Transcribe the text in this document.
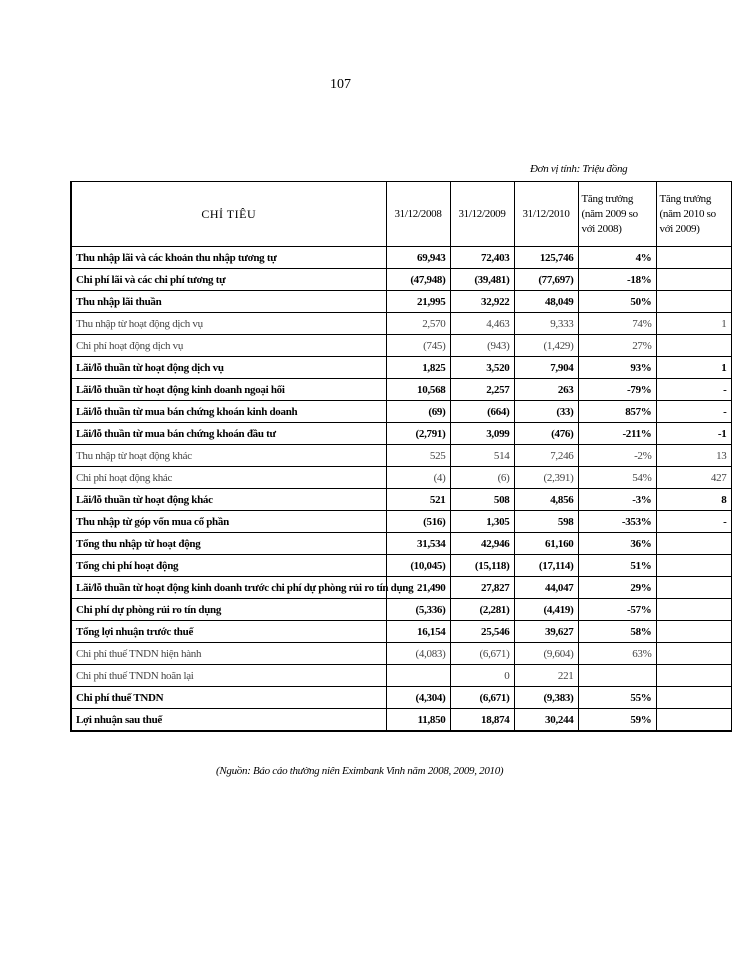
107
Đơn vị tính: Triệu đồng
CHỈ TIÊU	31/12/2008	31/12/2009	31/12/2010	Tăng trưởng (năm 2009 so với 2008)	Tăng trưởng (năm 2010 so với 2009)
Thu nhập lãi và các khoản thu nhập tương tự	69,943	72,403	125,746	4%	
Chi phí lãi và các chi phí tương tự	(47,948)	(39,481)	(77,697)	-18%	
Thu nhập lãi thuần	21,995	32,922	48,049	50%	
Thu nhập từ hoạt động dịch vụ	2,570	4,463	9,333	74%	1
Chi phí hoạt động dịch vụ	(745)	(943)	(1,429)	27%	
Lãi/lỗ thuần từ hoạt động dịch vụ	1,825	3,520	7,904	93%	1
Lãi/lỗ thuần từ hoạt động kinh doanh ngoại hối	10,568	2,257	263	-79%	-
Lãi/lỗ thuần từ mua bán chứng khoán kinh doanh	(69)	(664)	(33)	857%	-
Lãi/lỗ thuần từ mua bán chứng khoán đầu tư	(2,791)	3,099	(476)	-211%	-1
Thu nhập từ hoạt động khác	525	514	7,246	-2%	13
Chi phí hoạt động khác	(4)	(6)	(2,391)	54%	427
Lãi/lỗ thuần từ hoạt động khác	521	508	4,856	-3%	8
Thu nhập từ góp vốn mua cổ phần	(516)	1,305	598	-353%	-
Tổng thu nhập từ hoạt động	31,534	42,946	61,160	36%	
Tổng chi phí hoạt động	(10,045)	(15,118)	(17,114)	51%	
Lãi/lỗ thuần từ hoạt động kinh doanh trước chi phí dự phòng rủi ro tín dụng	21,490	27,827	44,047	29%	
Chi phí dự phòng rủi ro tín dụng	(5,336)	(2,281)	(4,419)	-57%	
Tổng lợi nhuận trước thuế	16,154	25,546	39,627	58%	
Chi phí thuế TNDN hiện hành	(4,083)	(6,671)	(9,604)	63%	
Chi phí thuế TNDN hoãn lại		0	221		
Chi phí thuế TNDN	(4,304)	(6,671)	(9,383)	55%	
Lợi nhuận sau thuế	11,850	18,874	30,244	59%	
(Nguồn: Báo cáo thường niên Eximbank Vinh năm 2008, 2009, 2010)
